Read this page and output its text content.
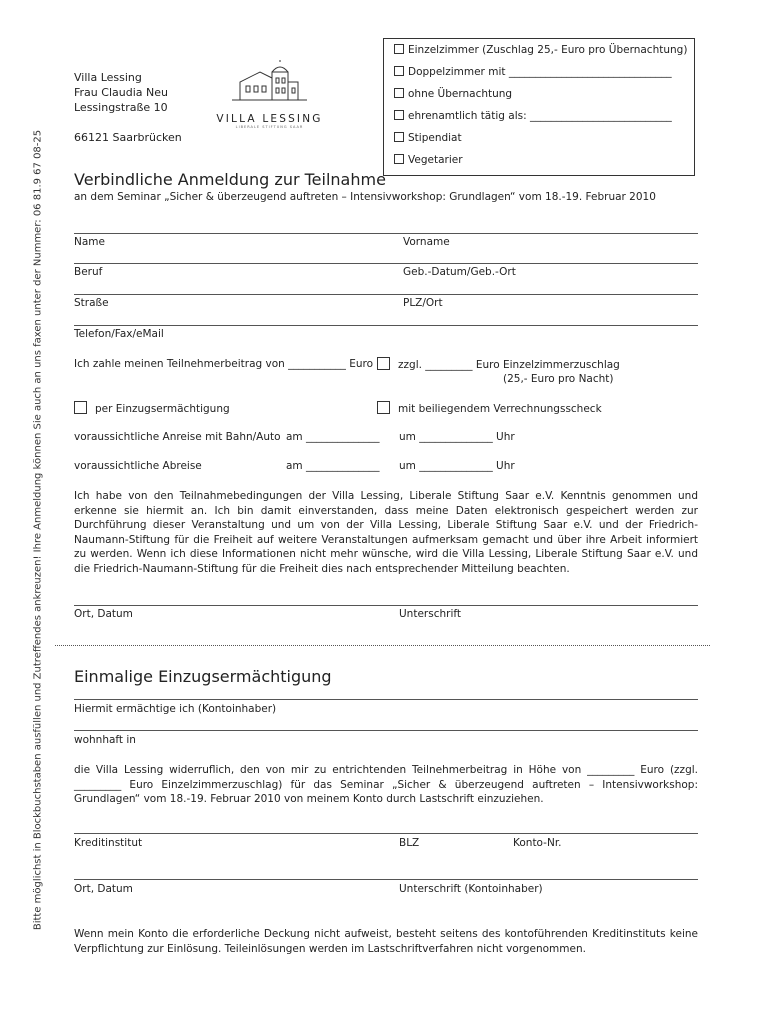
Bitte möglichst in Blockbuchstaben ausfüllen und Zutreffendes ankreuzen! Ihre Anmeldung können Sie auch an uns faxen unter der Nummer: 06 81.9 67 08-25
Villa Lessing
Frau Claudia Neu
Lessingstraße 10
66121 Saarbrücken
VILLA LESSING
LIBERALE STIFTUNG SAAR
Einzelzimmer (Zuschlag 25,- Euro pro Übernachtung)
Doppelzimmer mit _______________________________
ohne Übernachtung
ehrenamtlich tätig als: ___________________________
Stipendiat
Vegetarier
Verbindliche Anmeldung zur Teilnahme
an dem Seminar „Sicher & überzeugend auftreten – Intensivworkshop: Grundlagen“ vom 18.-19. Februar 2010
Name	Vorname
Beruf	Geb.-Datum/Geb.-Ort
Straße	PLZ/Ort
Telefon/Fax/eMail
Ich zahle meinen Teilnehmerbeitrag von ___________ Euro	zzgl. _________ Euro Einzelzimmerzuschlag
(25,- Euro pro Nacht)
per Einzugsermächtigung	mit beiliegendem Verrechnungsscheck
voraussichtliche Anreise mit Bahn/Auto am ______________ um ______________ Uhr
voraussichtliche Abreise	am ______________ um ______________ Uhr
Ich habe von den Teilnahmebedingungen der Villa Lessing, Liberale Stiftung Saar e.V. Kenntnis genommen und erkenne sie hiermit an. Ich bin damit einverstanden, dass meine Daten elektronisch gespeichert werden zur Durchführung dieser Veranstaltung und um von der Villa Lessing, Liberale Stiftung Saar e.V. und der Friedrich-Naumann-Stiftung für die Freiheit auf weitere Veranstaltungen aufmerksam gemacht und über ihre Arbeit informiert zu werden. Wenn ich diese Informationen nicht mehr wünsche, wird die Villa Lessing, Liberale Stiftung Saar e.V. und die Friedrich-Naumann-Stiftung für die Freiheit dies nach entsprechender Mitteilung beachten.
Ort, Datum	Unterschrift
Einmalige Einzugsermächtigung
Hiermit ermächtige ich (Kontoinhaber)
wohnhaft in
die Villa Lessing widerruflich, den von mir zu entrichtenden Teilnehmerbeitrag in Höhe von _________ Euro (zzgl. _________ Euro Einzelzimmerzuschlag) für das Seminar „Sicher & überzeugend auftreten – Intensivworkshop: Grundlagen“ vom 18.-19. Februar 2010 von meinem Konto durch Lastschrift einzuziehen.
Kreditinstitut	BLZ	Konto-Nr.
Ort, Datum	Unterschrift (Kontoinhaber)
Wenn mein Konto die erforderliche Deckung nicht aufweist, besteht seitens des kontoführenden Kreditinstituts keine Verpflichtung zur Einlösung. Teileinlösungen werden im Lastschriftverfahren nicht vorgenommen.
